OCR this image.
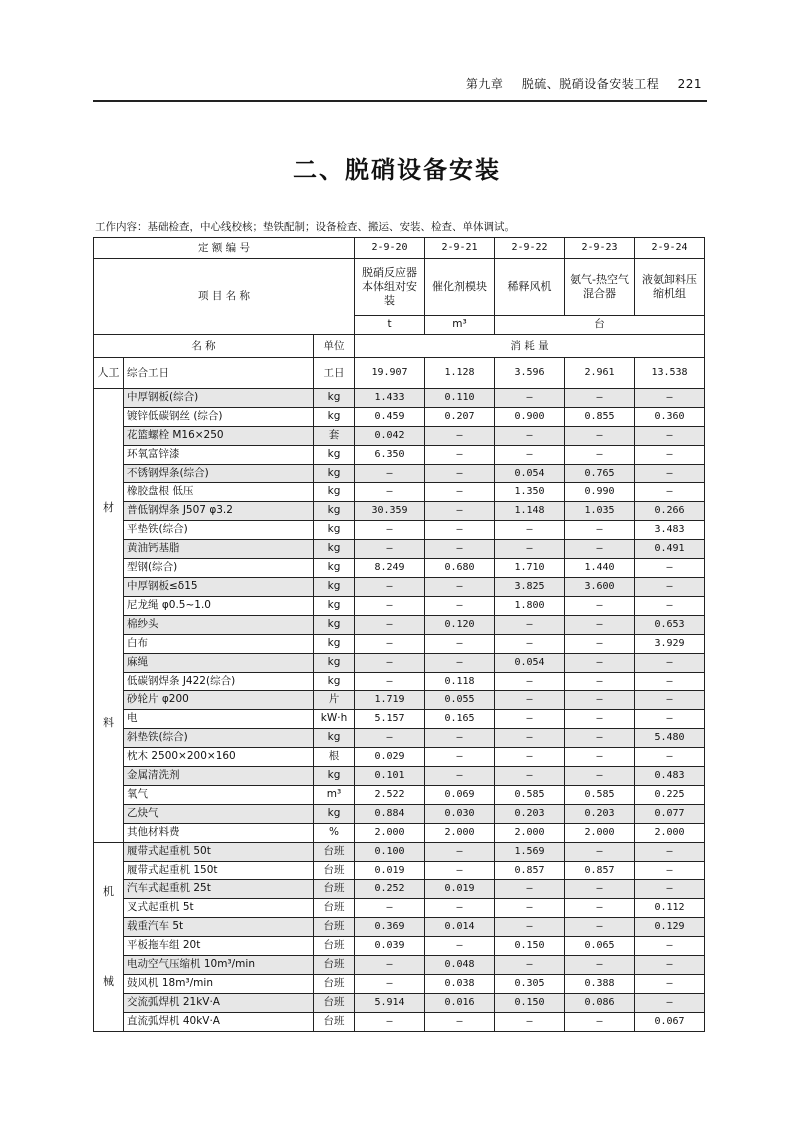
第九章 脱硫、脱硝设备安装工程 221
二、脱硝设备安装
工作内容：基础检查，中心线校核；垫铁配制；设备检查、搬运、安装、检查、单体调试。
定 额 编 号			2-9-20	2-9-21	2-9-22	2-9-23	2-9-24
项 目 名 称			脱硝反应器本体组对安装	催化剂模块	稀释风机	氨气-热空气混合器	液氨卸料压缩机组
			t	m³	台		
名 称		单位	消 耗 量				
人工	综合工日	工日	19.907	1.128	3.596	2.961	13.538

材
料	中厚钢板(综合)	kg	1.433	0.110	—	—	—
	镀锌低碳钢丝 (综合)	kg	0.459	0.207	0.900	0.855	0.360
	花篮螺栓 M16×250	套	0.042	—	—	—	—
	环氧富锌漆	kg	6.350	—	—	—	—
	不锈钢焊条(综合)	kg	—	—	0.054	0.765	—
	橡胶盘根 低压	kg	—	—	1.350	0.990	—
	普低钢焊条 J507 φ3.2	kg	30.359	—	1.148	1.035	0.266
	平垫铁(综合)	kg	—	—	—	—	3.483
	黄油钙基脂	kg	—	—	—	—	0.491
	型钢(综合)	kg	8.249	0.680	1.710	1.440	—
	中厚钢板≤δ15	kg	—	—	3.825	3.600	—
	尼龙绳 φ0.5~1.0	kg	—	—	1.800	—	—
	棉纱头	kg	—	0.120	—	—	0.653
	白布	kg	—	—	—	—	3.929
	麻绳	kg	—	—	0.054	—	—
	低碳钢焊条 J422(综合)	kg	—	0.118	—	—	—
	砂轮片 φ200	片	1.719	0.055	—	—	—
	电	kW·h	5.157	0.165	—	—	—
	斜垫铁(综合)	kg	—	—	—	—	5.480
	枕木 2500×200×160	根	0.029	—	—	—	—
	金属清洗剂	kg	0.101	—	—	—	0.483
	氧气	m³	2.522	0.069	0.585	0.585	0.225
	乙炔气	kg	0.884	0.030	0.203	0.203	0.077
	其他材料费	%	2.000	2.000	2.000	2.000	2.000

机
械	履带式起重机 50t	台班	0.100	—	1.569	—	—
	履带式起重机 150t	台班	0.019	—	0.857	0.857	—
	汽车式起重机 25t	台班	0.252	0.019	—	—	—
	叉式起重机 5t	台班	—	—	—	—	0.112
	载重汽车 5t	台班	0.369	0.014	—	—	0.129
	平板拖车组 20t	台班	0.039	—	0.150	0.065	—
	电动空气压缩机 10m³/min	台班	—	0.048	—	—	—
	鼓风机 18m³/min	台班	—	0.038	0.305	0.388	—
	交流弧焊机 21kV·A	台班	5.914	0.016	0.150	0.086	—
	直流弧焊机 40kV·A	台班	—	—	—	—	0.067
